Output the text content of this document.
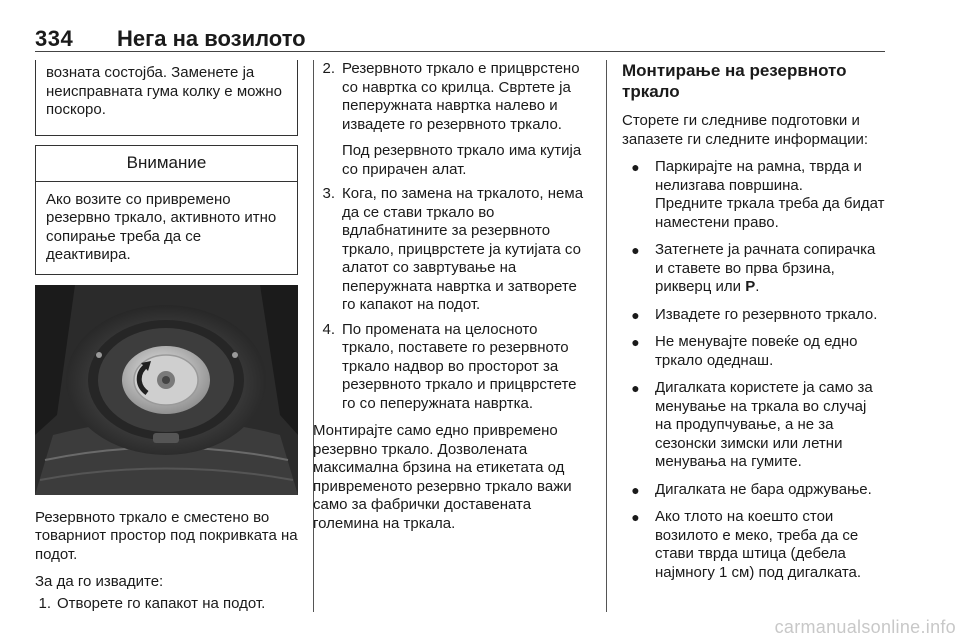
334 Нега на возилото
возната состојба. Заменете ја неисправната гума колку е можно поскоро.
Внимание
Ако возите со привремено резервно тркало, активното итно сопирање треба да се деактивира.
Резервното тркало е сместено во товарниот простор под покривката на подот.
За да го извадите:
1. Отворете го капакот на подот.
2. Резервното тркало е прицврстено со навртка со крилца. Свртете ја пеперужната навртка налево и извадете го резервното тркало.
Под резервното тркало има кутија со прирачен алат.
3. Кога, по замена на тркалото, нема да се стави тркало во вдлабнатините за резервното тркало, прицврстете ја кутијата со алатот со завртување на пеперужната навртка и затворете го капакот на подот.
4. По промената на целосното тркало, поставете го резервното тркало надвор во просторот за резервното тркало и прицврстете го со пеперужната навртка.
Монтирајте само едно привремено резервно тркало. Дозволената максимална брзина на етикетата од привременото резервно тркало важи само за фабрички доставената големина на тркала.
Монтирање на резервното тркало
Сторете ги следниве подготовки и запазете ги следните информации:
●	Паркирајте на рамна, тврда и нелизгава површина.
Предните тркала треба да бидат наместени право.
●	Затегнете ја рачната сопирачка и ставете во прва брзина, рикверц или P.
●	Извадете го резервното тркало.
●	Не менувајте повеќе од едно тркало одеднаш.
●	Дигалката користете ја само за менување на тркала во случај на продупчување, а не за сезонски зимски или летни менувања на гумите.
●	Дигалката не бара одржување.
●	Ако тлото на коешто стои возилото е меко, треба да се стави тврда штица (дебела најмногу 1 см) под дигалката.
carmanualsonline.info
